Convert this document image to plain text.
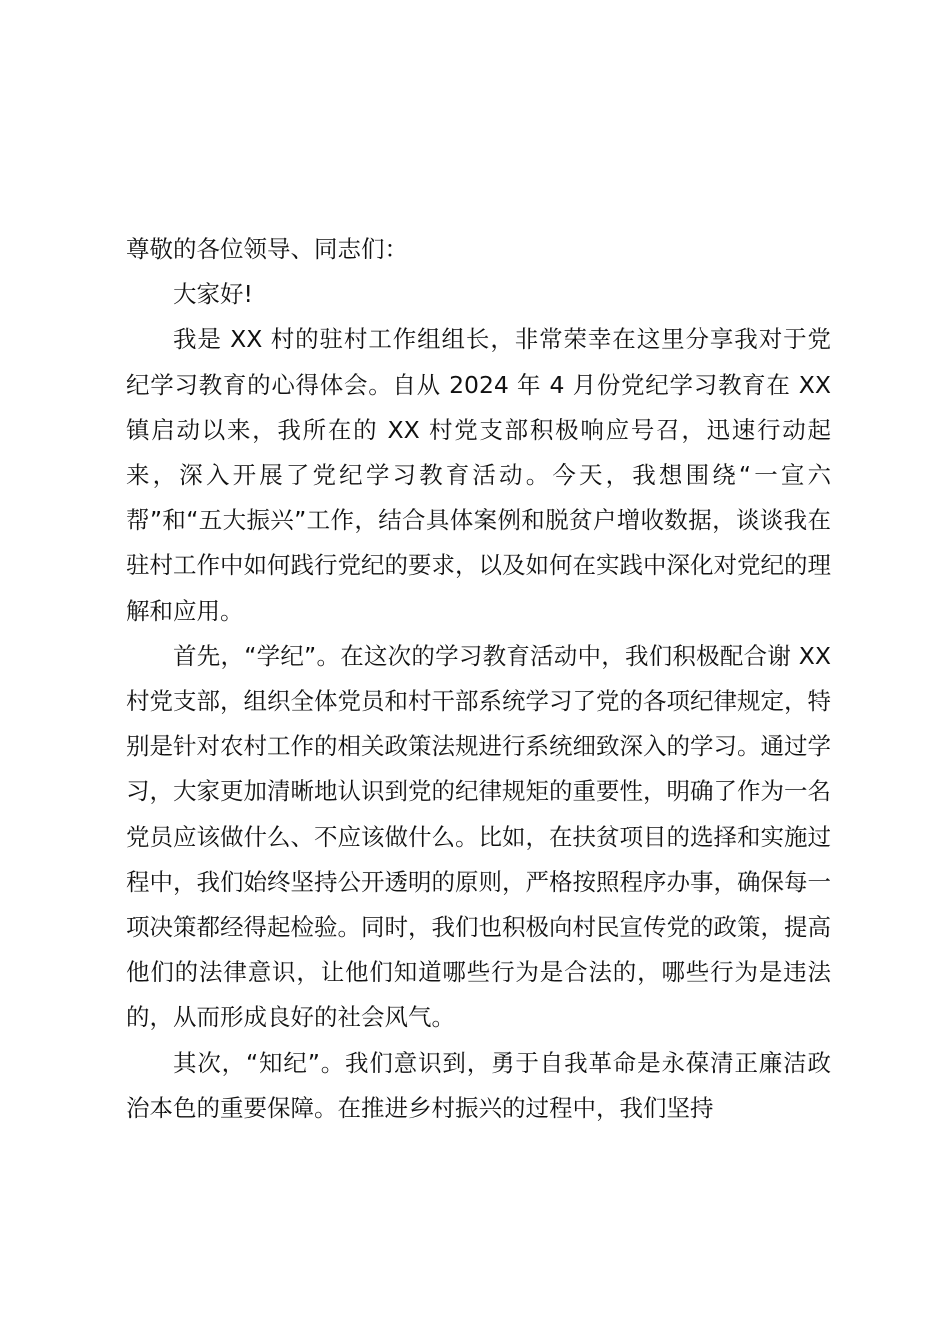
尊敬的各位领导、同志们：

大家好!

我是 XX 村的驻村工作组组长，非常荣幸在这里分享我对于党纪学习教育的心得体会。自从 2024 年 4 月份党纪学习教育在 XX 镇启动以来，我所在的 XX 村党支部积极响应号召，迅速行动起来，深入开展了党纪学习教育活动。今天，我想围绕“一宣六帮”和“五大振兴”工作，结合具体案例和脱贫户增收数据，谈谈我在驻村工作中如何践行党纪的要求，以及如何在实践中深化对党纪的理解和应用。

首先，“学纪”。在这次的学习教育活动中，我们积极配合谢 XX 村党支部，组织全体党员和村干部系统学习了党的各项纪律规定，特别是针对农村工作的相关政策法规进行系统细致深入的学习。通过学习，大家更加清晰地认识到党的纪律规矩的重要性，明确了作为一名党员应该做什么、不应该做什么。比如，在扶贫项目的选择和实施过程中，我们始终坚持公开透明的原则，严格按照程序办事，确保每一项决策都经得起检验。同时，我们也积极向村民宣传党的政策，提高他们的法律意识，让他们知道哪些行为是合法的，哪些行为是违法的，从而形成良好的社会风气。

其次，“知纪”。我们意识到，勇于自我革命是永葆清正廉洁政治本色的重要保障。在推进乡村振兴的过程中，我们坚持
